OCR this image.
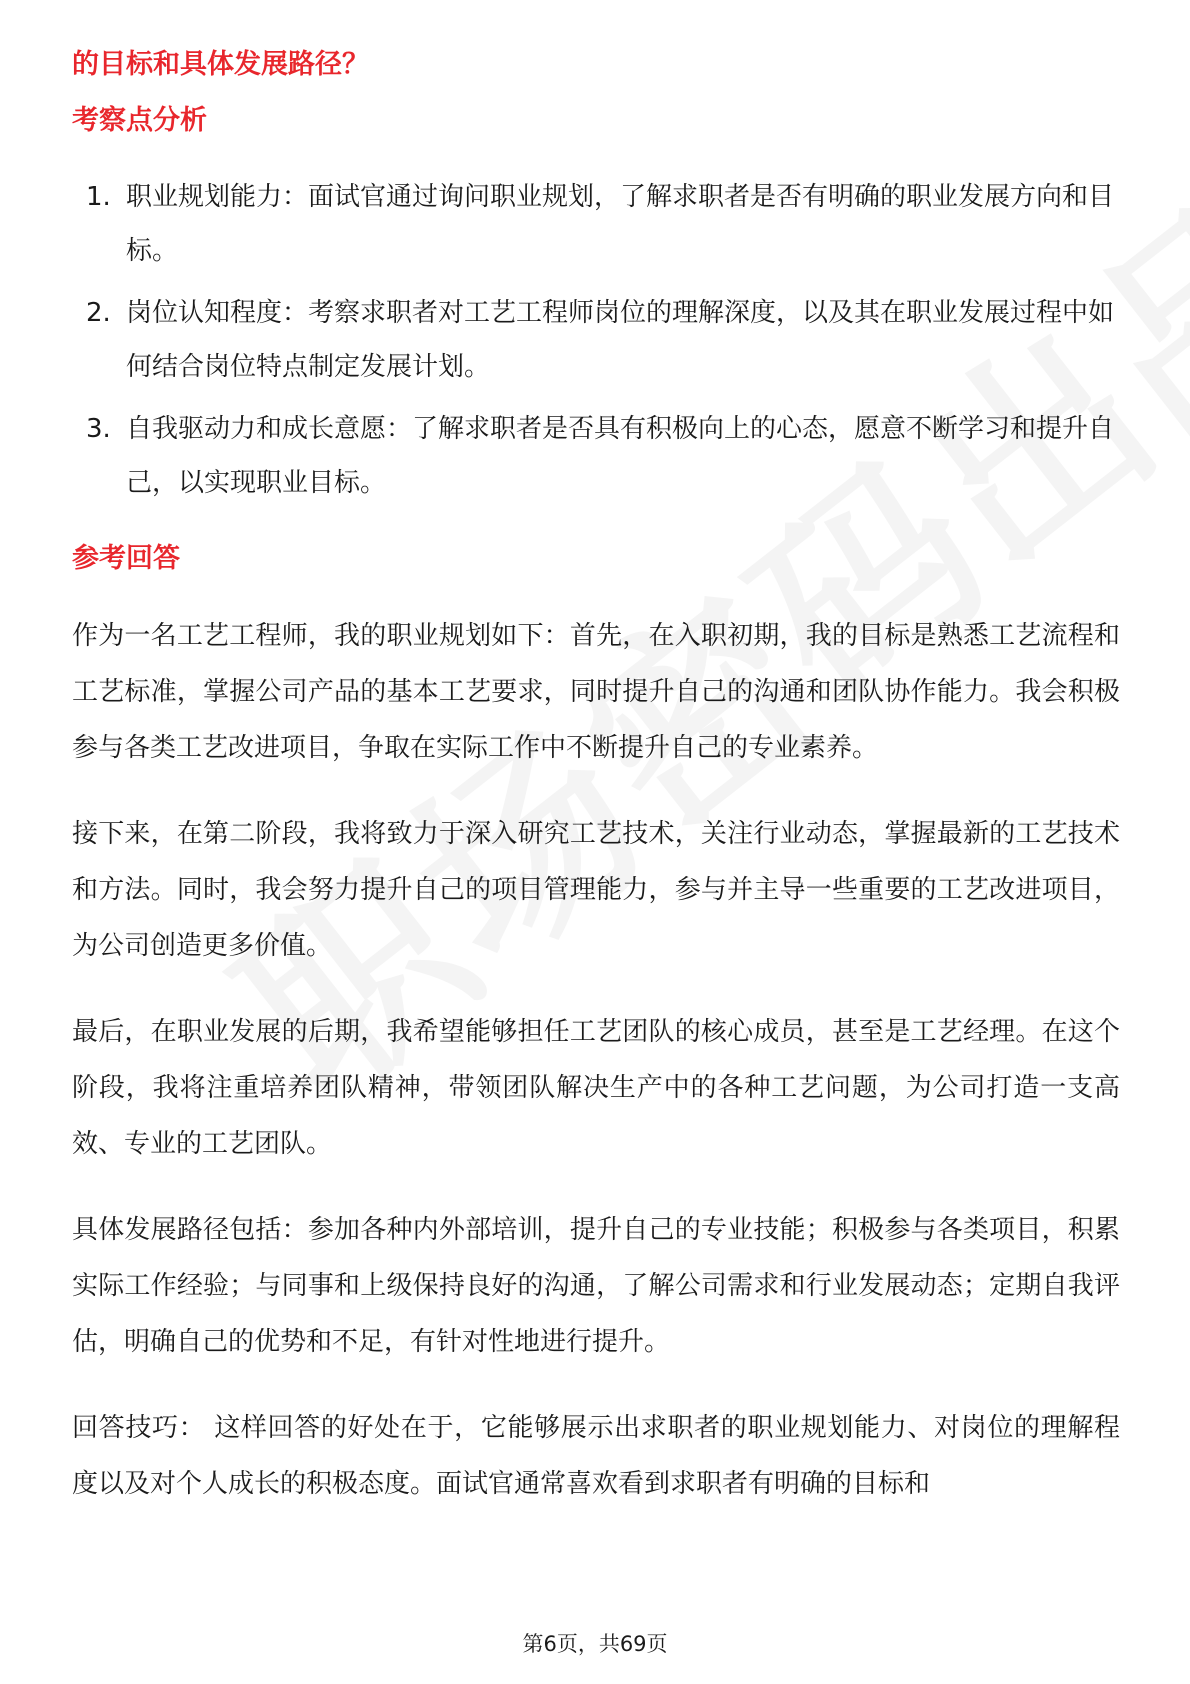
的目标和具体发展路径？
考察点分析
1. 职业规划能力：面试官通过询问职业规划，了解求职者是否有明确的职业发展方向和目标。
2. 岗位认知程度：考察求职者对工艺工程师岗位的理解深度，以及其在职业发展过程中如何结合岗位特点制定发展计划。
3. 自我驱动力和成长意愿：了解求职者是否具有积极向上的心态，愿意不断学习和提升自己，以实现职业目标。
参考回答

作为一名工艺工程师，我的职业规划如下：首先，在入职初期，我的目标是熟悉工艺流程和工艺标准，掌握公司产品的基本工艺要求，同时提升自己的沟通和团队协作能力。我会积极参与各类工艺改进项目，争取在实际工作中不断提升自己的专业素养。

接下来，在第二阶段，我将致力于深入研究工艺技术，关注行业动态，掌握最新的工艺技术和方法。同时，我会努力提升自己的项目管理能力，参与并主导一些重要的工艺改进项目，为公司创造更多价值。

最后，在职业发展的后期，我希望能够担任工艺团队的核心成员，甚至是工艺经理。在这个阶段，我将注重培养团队精神，带领团队解决生产中的各种工艺问题，为公司打造一支高效、专业的工艺团队。

具体发展路径包括：参加各种内外部培训，提升自己的专业技能；积极参与各类项目，积累实际工作经验；与同事和上级保持良好的沟通，了解公司需求和行业发展动态；定期自我评估，明确自己的优势和不足，有针对性地进行提升。

回答技巧： 这样回答的好处在于，它能够展示出求职者的职业规划能力、对岗位的理解程度以及对个人成长的积极态度。面试官通常喜欢看到求职者有明确的目标和

第6页，共69页
